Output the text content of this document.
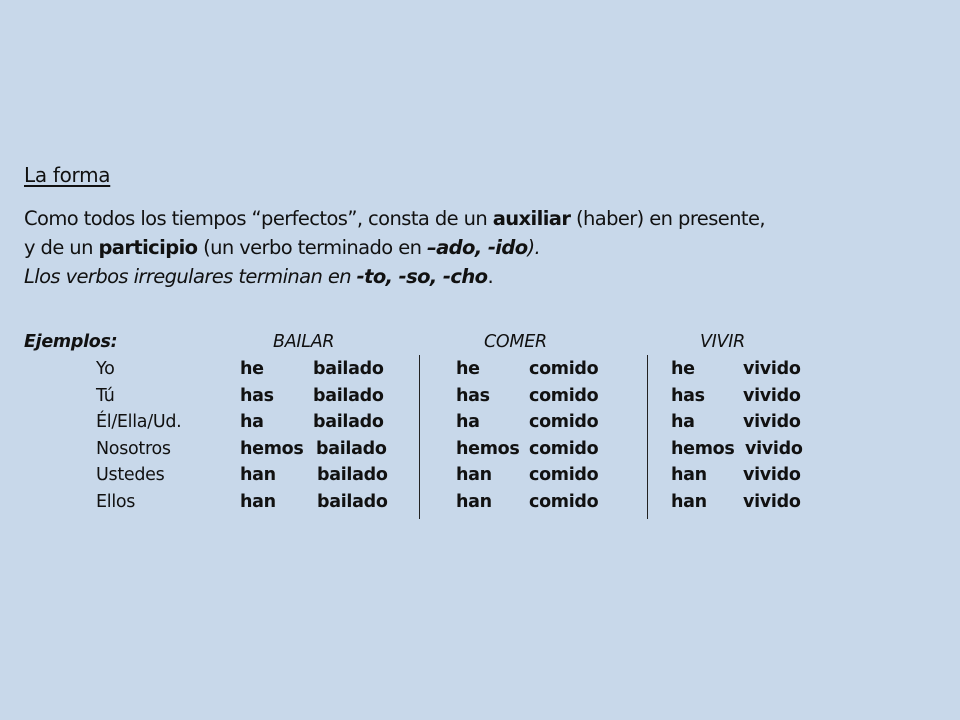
La forma
Como todos los tiempos “perfectos”, consta de un auxiliar (haber) en presente,
y de un participio (un verbo terminado en –ado, -ido).
Llos verbos irregulares terminan en -to, -so, -cho.
Ejemplos:	BAILAR	COMER	VIVIR
Yo	he	bailado	he	comido	he	vivido
Tú	has bailado	has comido	has vivido
Él/Ella/Ud.	ha	bailado	ha	comido	ha	vivido
Nosotros	hemos bailado	hemos comido	hemos vivido
Ustedes	han bailado	han comido	han vivido
Ellos	han bailado	han comido	han vivido
